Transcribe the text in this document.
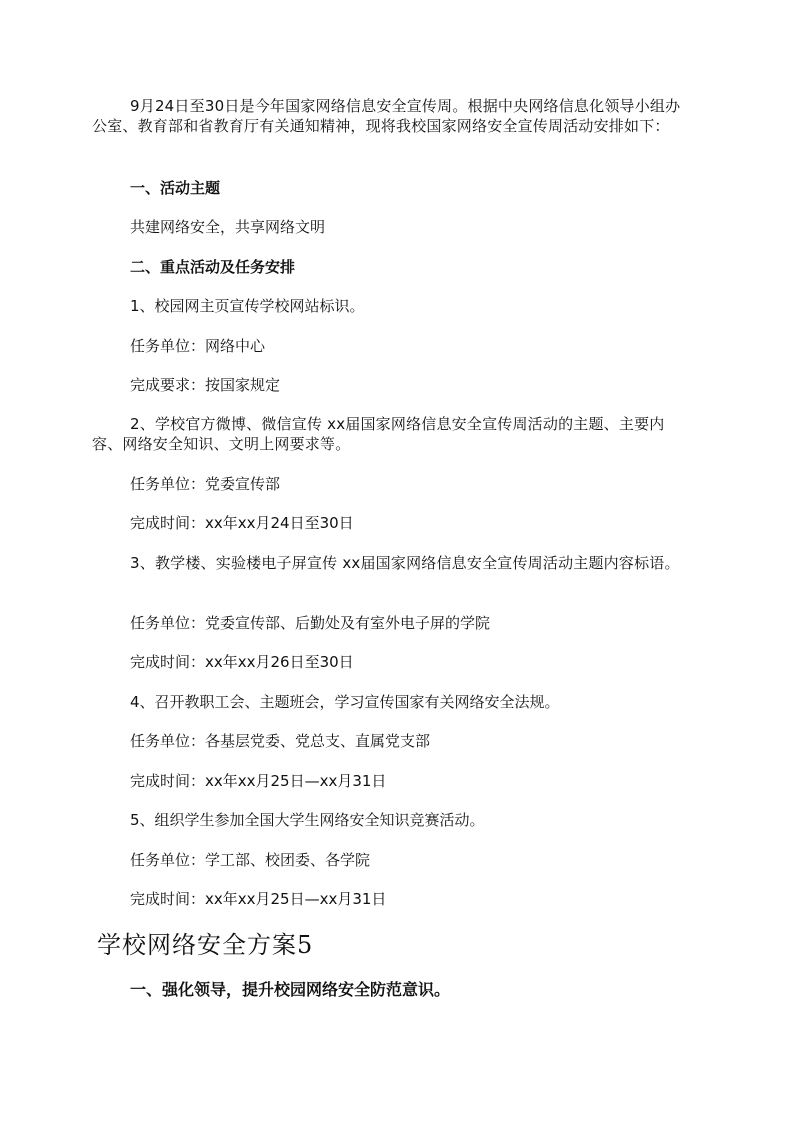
9月24日至30日是今年国家网络信息安全宣传周。根据中央网络信息化领导小组办公室、教育部和省教育厅有关通知精神，现将我校国家网络安全宣传周活动安排如下：

一、活动主题

共建网络安全，共享网络文明

二、重点活动及任务安排

1、校园网主页宣传学校网站标识。

任务单位：网络中心

完成要求：按国家规定

2、学校官方微博、微信宣传 xx届国家网络信息安全宣传周活动的主题、主要内容、网络安全知识、文明上网要求等。

任务单位：党委宣传部

完成时间：xx年xx月24日至30日

3、教学楼、实验楼电子屏宣传 xx届国家网络信息安全宣传周活动主题内容标语。

任务单位：党委宣传部、后勤处及有室外电子屏的学院

完成时间：xx年xx月26日至30日

4、召开教职工会、主题班会，学习宣传国家有关网络安全法规。

任务单位：各基层党委、党总支、直属党支部

完成时间：xx年xx月25日—xx月31日

5、组织学生参加全国大学生网络安全知识竞赛活动。

任务单位：学工部、校团委、各学院

完成时间：xx年xx月25日—xx月31日

学校网络安全方案5

一、强化领导，提升校园网络安全防范意识。
